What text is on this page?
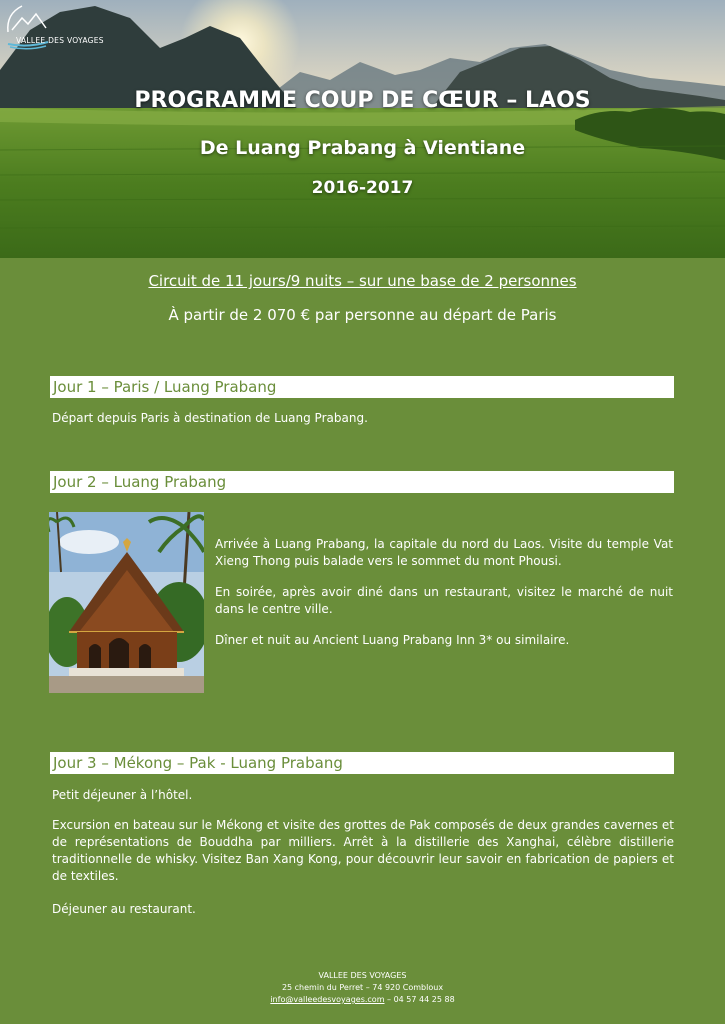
VALLEE DES VOYAGES
PROGRAMME COUP DE CŒUR – LAOS
De Luang Prabang à Vientiane
2016-2017
Circuit de 11 jours/9 nuits – sur une base de 2 personnes
À partir de 2 070 € par personne au départ de Paris
Jour 1 – Paris / Luang Prabang
Départ depuis Paris à destination de Luang Prabang.
Jour 2 – Luang Prabang
Arrivée à Luang Prabang, la capitale du nord du Laos. Visite du temple Vat Xieng Thong puis balade vers le sommet du mont Phousi.
En soirée, après avoir diné dans un restaurant, visitez le marché de nuit dans le centre ville.
Dîner et nuit au Ancient Luang Prabang Inn 3* ou similaire.
Jour 3 – Mékong – Pak - Luang Prabang
Petit déjeuner à l’hôtel.
Excursion en bateau sur le Mékong et visite des grottes de Pak composés de deux grandes cavernes et de représentations de Bouddha par milliers. Arrêt à la distillerie des Xanghai, célèbre distillerie traditionnelle de whisky. Visitez Ban Xang Kong, pour découvrir leur savoir en fabrication de papiers et de textiles.
Déjeuner au restaurant.
VALLEE DES VOYAGES
25 chemin du Perret – 74 920 Combloux
info@valleedesvoyages.com – 04 57 44 25 88
